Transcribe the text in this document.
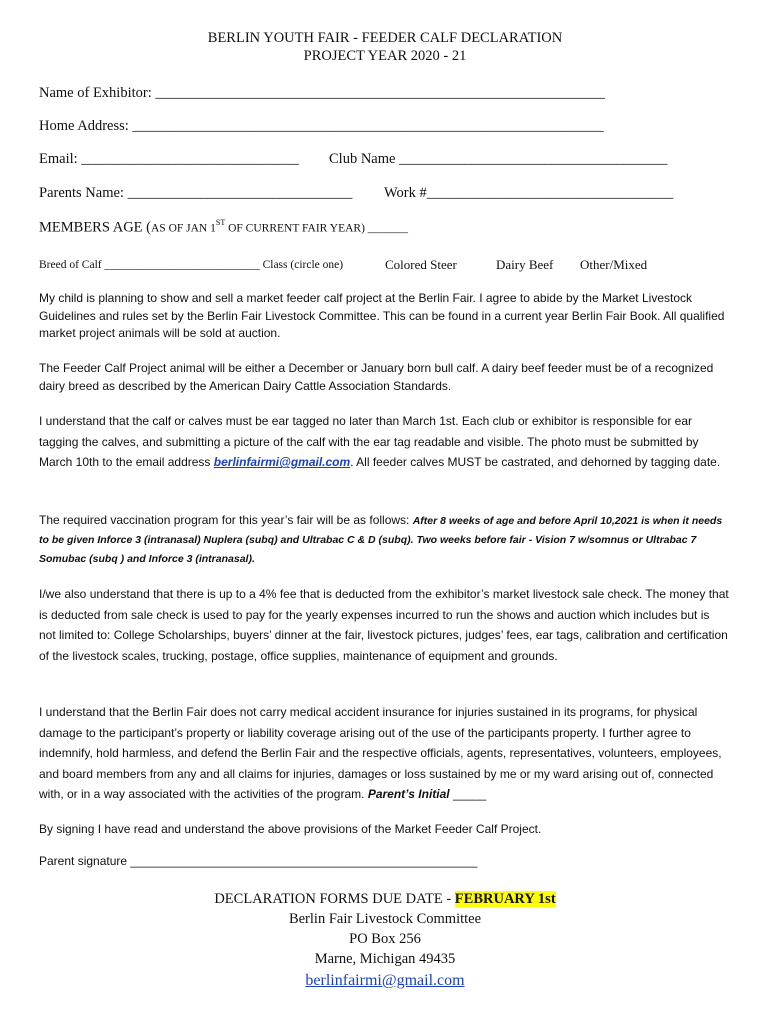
BERLIN YOUTH FAIR - FEEDER CALF DECLARATION
PROJECT YEAR 2020 - 21
Name of Exhibitor: ______________________________________________________________
Home Address: _________________________________________________________________
Email: ______________________________ Club Name _____________________________________
Parents Name: _______________________________ Work #__________________________________
MEMBERS AGE (AS OF JAN 1ST OF CURRENT FAIR YEAR) _______
Breed of Calf ___________________________ Class (circle one)	Colored Steer	Dairy Beef Other/Mixed
My child is planning to show and sell a market feeder calf project at the Berlin Fair. I agree to abide by the Market Livestock Guidelines and rules set by the Berlin Fair Livestock Committee. This can be found in a current year Berlin Fair Book. All qualified market project animals will be sold at auction.
The Feeder Calf Project animal will be either a December or January born bull calf. A dairy beef feeder must be of a recognized dairy breed as described by the American Dairy Cattle Association Standards.
I understand that the calf or calves must be ear tagged no later than March 1st. Each club or exhibitor is responsible for ear tagging the calves, and submitting a picture of the calf with the ear tag readable and visible. The photo must be submitted by March 10th to the email address berlinfairmi@gmail.com. All feeder calves MUST be castrated, and dehorned by tagging date.
The required vaccination program for this year’s fair will be as follows: After 8 weeks of age and before April 10,2021 is when it needs to be given Inforce 3 (intranasal) Nuplera (subq) and Ultrabac C & D (subq). Two weeks before fair - Vision 7 w/somnus or Ultrabac 7 Somubac (subq ) and Inforce 3 (intranasal).
I/we also understand that there is up to a 4% fee that is deducted from the exhibitor’s market livestock sale check. The money that is deducted from sale check is used to pay for the yearly expenses incurred to run the shows and auction which includes but is not limited to: College Scholarships, buyers’ dinner at the fair, livestock pictures, judges’ fees, ear tags, calibration and certification of the livestock scales, trucking, postage, office supplies, maintenance of equipment and grounds.
I understand that the Berlin Fair does not carry medical accident insurance for injuries sustained in its programs, for physical damage to the participant’s property or liability coverage arising out of the use of the participants property. I further agree to indemnify, hold harmless, and defend the Berlin Fair and the respective officials, agents, representatives, volunteers, employees, and board members from any and all claims for injuries, damages or loss sustained by me or my ward arising out of, connected with, or in a way associated with the activities of the program. Parent’s Initial _____
By signing I have read and understand the above provisions of the Market Feeder Calf Project.
Parent signature ____________________________________________________
DECLARATION FORMS DUE DATE - FEBRUARY 1st
Berlin Fair Livestock Committee
PO Box 256
Marne, Michigan 49435
berlinfairmi@gmail.com
